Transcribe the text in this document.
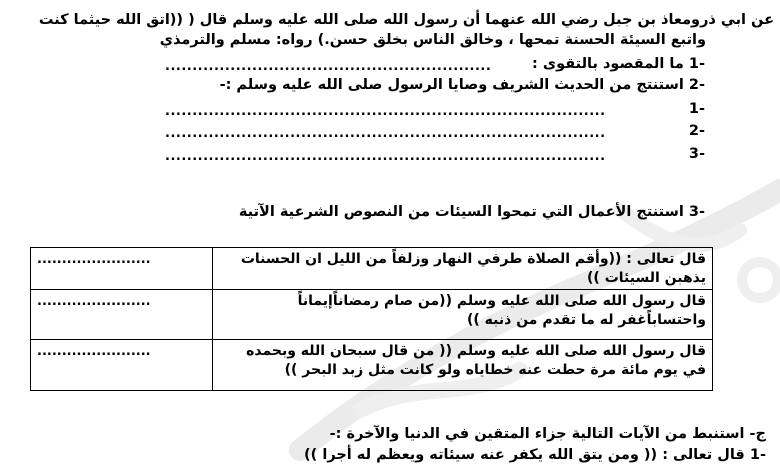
عن ابي ذرومعاذ بن جبل رضي الله عنهما أن رسول الله صلى الله عليه وسلم قال ( ((اتق الله حيثما كنت
واتبع السيئة الحسنة تمحها ، وخالق الناس بخلق حسن.) رواه: مسلم والترمذي
-1 ما المقصود بالتقوى :
............................................................
-2 استنتج من الحديث الشريف وصايا الرسول صلى الله عليه وسلم :-
-1
.................................................................................
-2
.................................................................................
-3
.................................................................................
-3 استنتج الأعمال التي تمحوا السيئات من النصوص الشرعية الآتية
قال تعالى : ((وأقم الصلاة طرفي النهار وزلفاً من الليل ان الحسنات يذهبن السيئات ))	.......................
قال رسول الله صلى الله عليه وسلم ((من صام رمضاناًإيماناً واحتساباًغفر له ما تقدم من ذنبه ))	.......................
قال رسول الله صلى الله عليه وسلم (( من قال سبحان الله وبحمده في يوم مائة مرة حطت عنه خطاياه ولو كانت مثل زبد البحر ))	.......................
ج- استنبط من الآيات التالية جزاء المتقين في الدنيا والآخرة :-
-1 قال تعالى : (( ومن يتق الله يكفر عنه سيئاته ويعظم له أجرا ))
